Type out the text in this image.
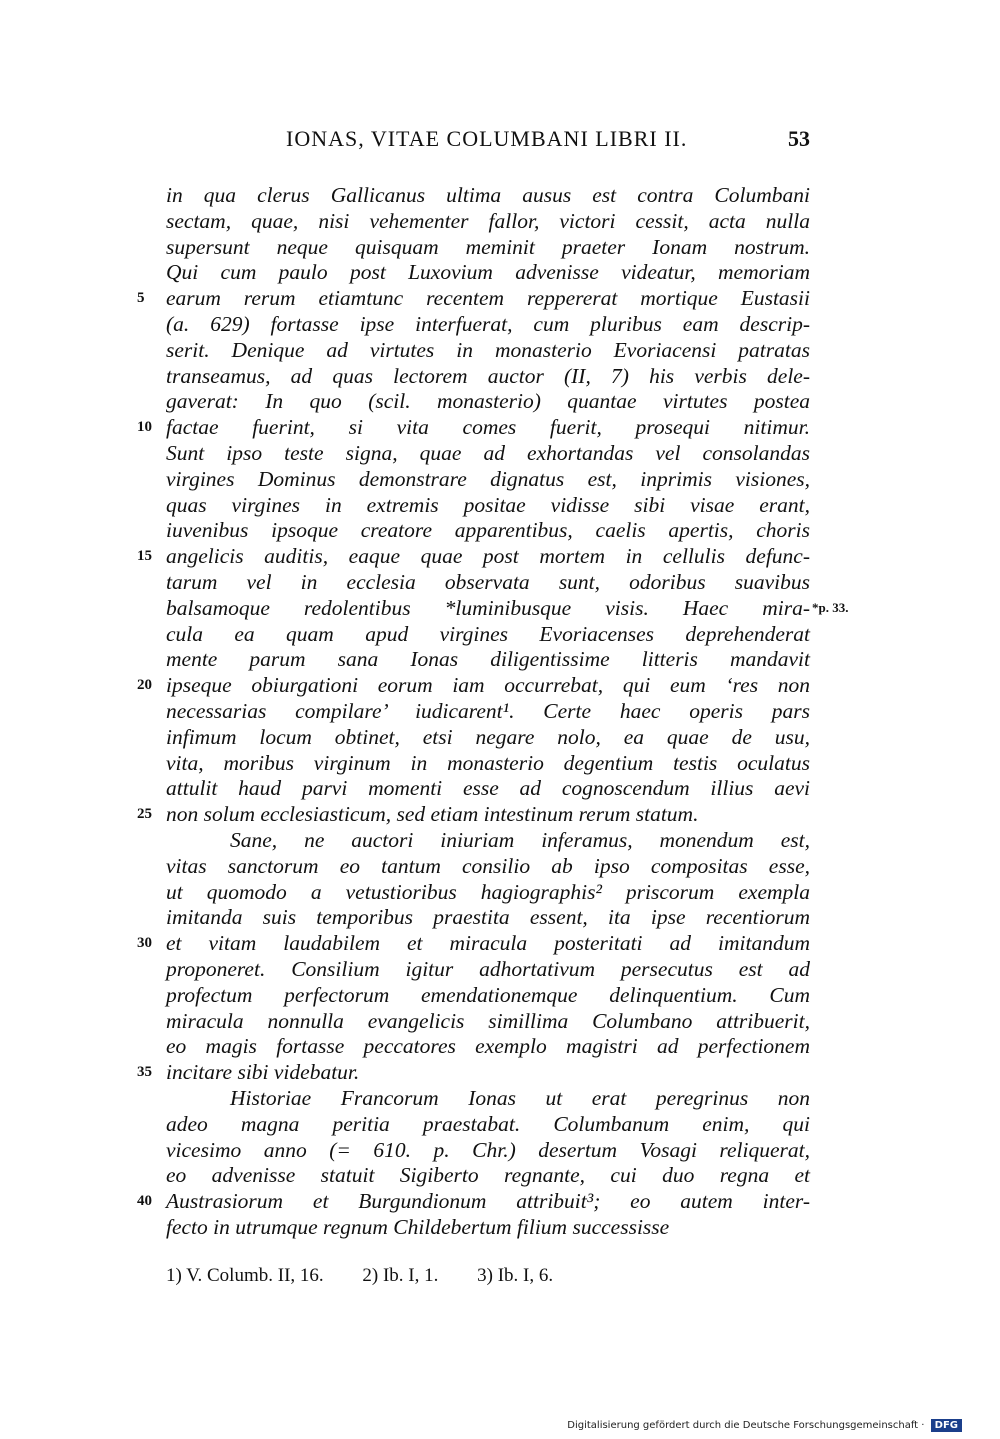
IONAS, VITAE COLUMBANI LIBRI II.	53
in qua clerus Gallicanus ultima ausus est contra Columbani
sectam, quae, nisi vehementer fallor, victori cessit, acta nulla
supersunt neque quisquam meminit praeter Ionam nostrum.
Qui cum paulo post Luxovium advenisse videatur, memoriam
earum rerum etiamtunc recentem reppererat mortique Eustasii
5
(a. 629) fortasse ipse interfuerat, cum pluribus eam descrip-
serit. Denique ad virtutes in monasterio Evoriacensi patratas
transeamus, ad quas lectorem auctor (II, 7) his verbis dele-
gaverat: In quo (scil. monasterio) quantae virtutes postea
factae fuerint, si vita comes fuerit, prosequi nitimur.
10
Sunt ipso teste signa, quae ad exhortandas vel consolandas
virgines Dominus demonstrare dignatus est, inprimis visiones,
quas virgines in extremis positae vidisse sibi visae erant,
iuvenibus ipsoque creatore apparentibus, caelis apertis, choris
angelicis auditis, eaque quae post mortem in cellulis defunc-
15
tarum vel in ecclesia observata sunt, odoribus suavibus
balsamoque redolentibus *luminibusque visis. Haec mira-
cula ea quam apud virgines Evoriacenses deprehenderat
mente parum sana Ionas diligentissime litteris mandavit
ipseque obiurgationi eorum iam occurrebat, qui eum ‘res non
20
necessarias compilare’ iudicarent¹. Certe haec operis pars
infimum locum obtinet, etsi negare nolo, ea quae de usu,
vita, moribus virginum in monasterio degentium testis oculatus
attulit haud parvi momenti esse ad cognoscendum illius aevi
non solum ecclesiasticum, sed etiam intestinum rerum statum.
25
Sane, ne auctori iniuriam inferamus, monendum est,
vitas sanctorum eo tantum consilio ab ipso compositas esse,
ut quomodo a vetustioribus hagiographis² priscorum exempla
imitanda suis temporibus praestita essent, ita ipse recentiorum
et vitam laudabilem et miracula posteritati ad imitandum
30
proponeret. Consilium igitur adhortativum persecutus est ad
profectum perfectorum emendationemque delinquentium. Cum
miracula nonnulla evangelicis simillima Columbano attribuerit,
eo magis fortasse peccatores exemplo magistri ad perfectionem
incitare sibi videbatur.
35
Historiae Francorum Ionas ut erat peregrinus non
adeo magna peritia praestabat. Columbanum enim, qui
vicesimo anno (= 610. p. Chr.) desertum Vosagi reliquerat,
eo advenisse statuit Sigiberto regnante, cui duo regna et
Austrasiorum et Burgundionum attribuit³; eo autem inter-
40
fecto in utrumque regnum Childebertum filium successisse
*p. 33.
1) V. Columb. II, 16. 2) Ib. I, 1. 3) Ib. I, 6.
Digitalisierung gefördert durch die Deutsche Forschungsgemeinschaft · DFG
